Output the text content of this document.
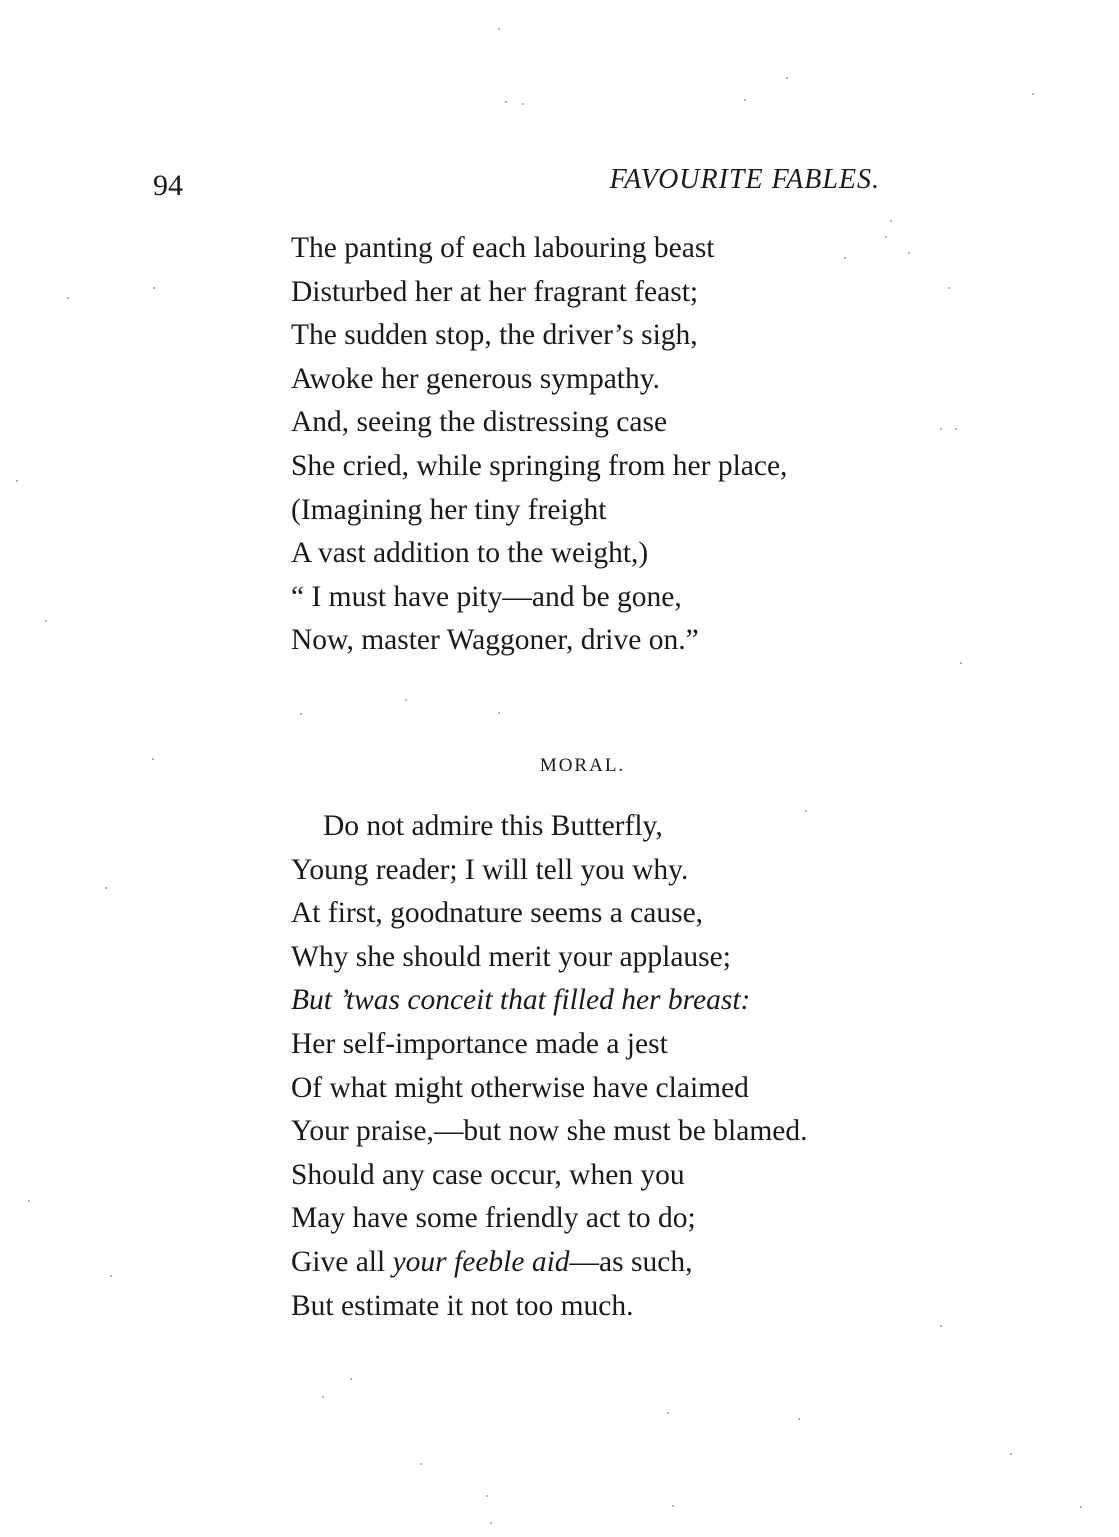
94	FAVOURITE FABLES.
The panting of each labouring beast
Disturbed her at her fragrant feast;
The sudden stop, the driver’s sigh,
Awoke her generous sympathy.
And, seeing the distressing case
She cried, while springing from her place,
(Imagining her tiny freight
A vast addition to the weight,)
“ I must have pity—and be gone,
Now, master Waggoner, drive on.”
MORAL.
Do not admire this Butterfly,
Young reader; I will tell you why.
At first, goodnature seems a cause,
Why she should merit your applause;
But ’twas conceit that filled her breast:
Her self-importance made a jest
Of what might otherwise have claimed
Your praise,—but now she must be blamed.
Should any case occur, when you
May have some friendly act to do;
Give all your feeble aid—as such,
But estimate it not too much.
